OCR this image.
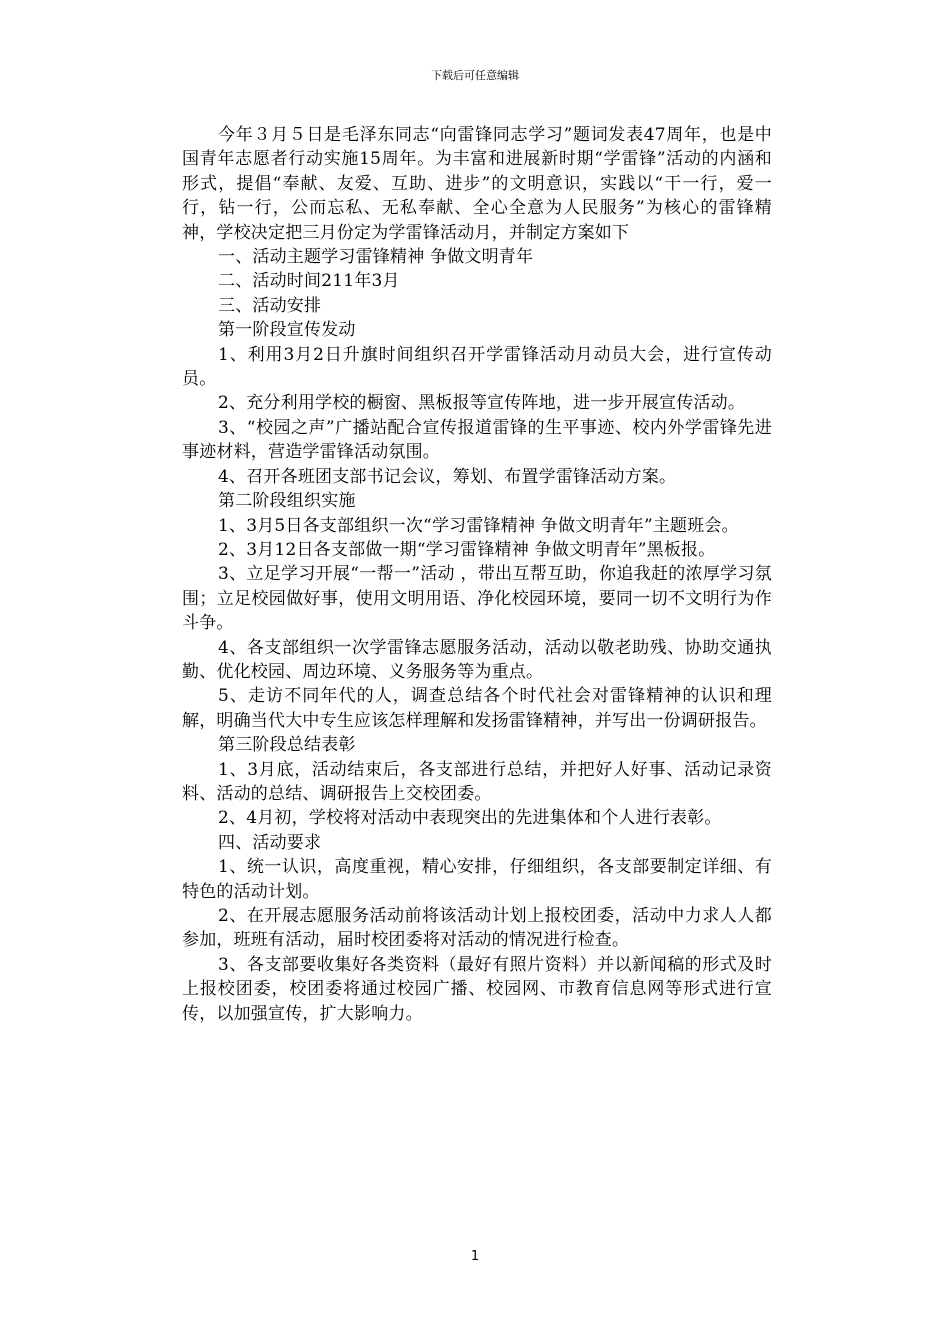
下载后可任意编辑

今年３月５日是毛泽东同志“向雷锋同志学习”题词发表47周年，也是中国青年志愿者行动实施15周年。为丰富和进展新时期“学雷锋”活动的内涵和形式，提倡“奉献、友爱、互助、进步”的文明意识，实践以“干一行，爱一行，钻一行，公而忘私、无私奉献、全心全意为人民服务”为核心的雷锋精神，学校决定把三月份定为学雷锋活动月，并制定方案如下

一、活动主题学习雷锋精神 争做文明青年

二、活动时间211年3月

三、活动安排

第一阶段宣传发动

1、利用3月2日升旗时间组织召开学雷锋活动月动员大会，进行宣传动员。

2、充分利用学校的橱窗、黑板报等宣传阵地，进一步开展宣传活动。

3、“校园之声”广播站配合宣传报道雷锋的生平事迹、校内外学雷锋先进事迹材料，营造学雷锋活动氛围。

4、召开各班团支部书记会议，筹划、布置学雷锋活动方案。

第二阶段组织实施

1、3月5日各支部组织一次“学习雷锋精神 争做文明青年”主题班会。

2、3月12日各支部做一期“学习雷锋精神 争做文明青年”黑板报。

3、立足学习开展“一帮一”活动 ，带出互帮互助，你追我赶的浓厚学习氛围；立足校园做好事，使用文明用语、净化校园环境，要同一切不文明行为作斗争。

4、各支部组织一次学雷锋志愿服务活动，活动以敬老助残、协助交通执勤、优化校园、周边环境、义务服务等为重点。

5、走访不同年代的人，调查总结各个时代社会对雷锋精神的认识和理解，明确当代大中专生应该怎样理解和发扬雷锋精神，并写出一份调研报告。

第三阶段总结表彰

1、3月底，活动结束后，各支部进行总结，并把好人好事、活动记录资料、活动的总结、调研报告上交校团委。

2、4月初，学校将对活动中表现突出的先进集体和个人进行表彰。

四、活动要求

1、统一认识，高度重视，精心安排，仔细组织，各支部要制定详细、有特色的活动计划。

2、在开展志愿服务活动前将该活动计划上报校团委，活动中力求人人都参加，班班有活动，届时校团委将对活动的情况进行检查。

3、各支部要收集好各类资料（最好有照片资料）并以新闻稿的形式及时上报校团委，校团委将通过校园广播、校园网、市教育信息网等形式进行宣传，以加强宣传，扩大影响力。

1
